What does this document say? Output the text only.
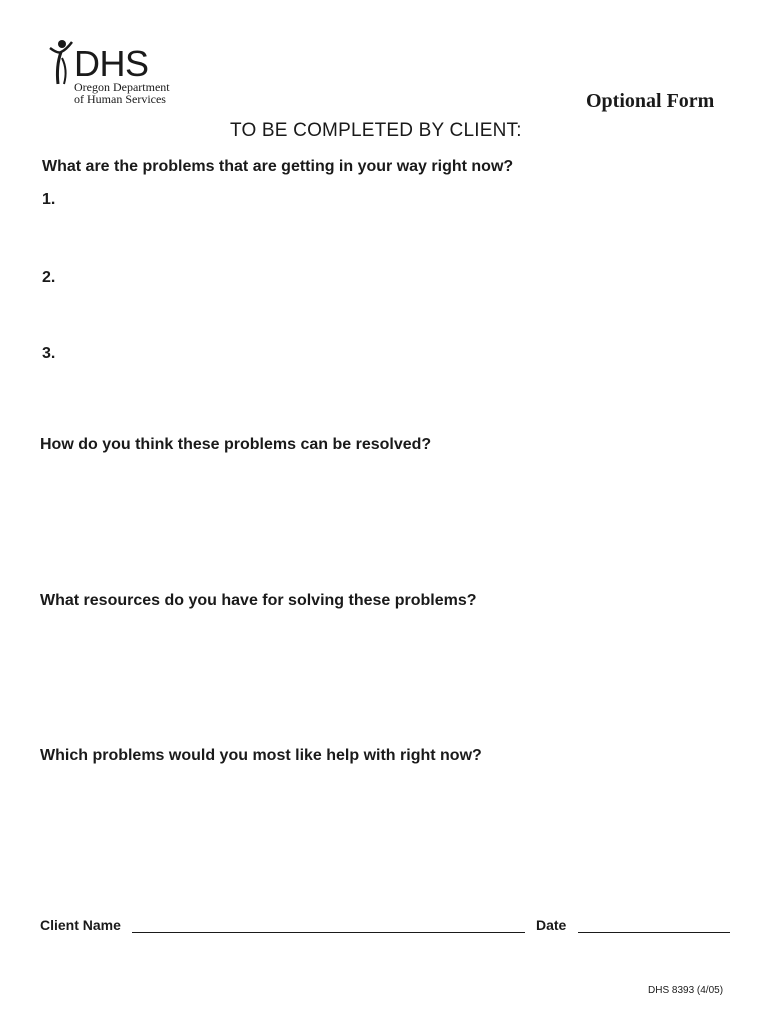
DHS
Oregon Department
of Human Services	Optional Form
TO BE COMPLETED BY CLIENT:
What are the problems that are getting in your way right now?
1.
2.
3.
How do you think these problems can be resolved?
What resources do you have for solving these problems?
Which problems would you most like help with right now?
Client Name	Date
DHS 8393 (4/05)
